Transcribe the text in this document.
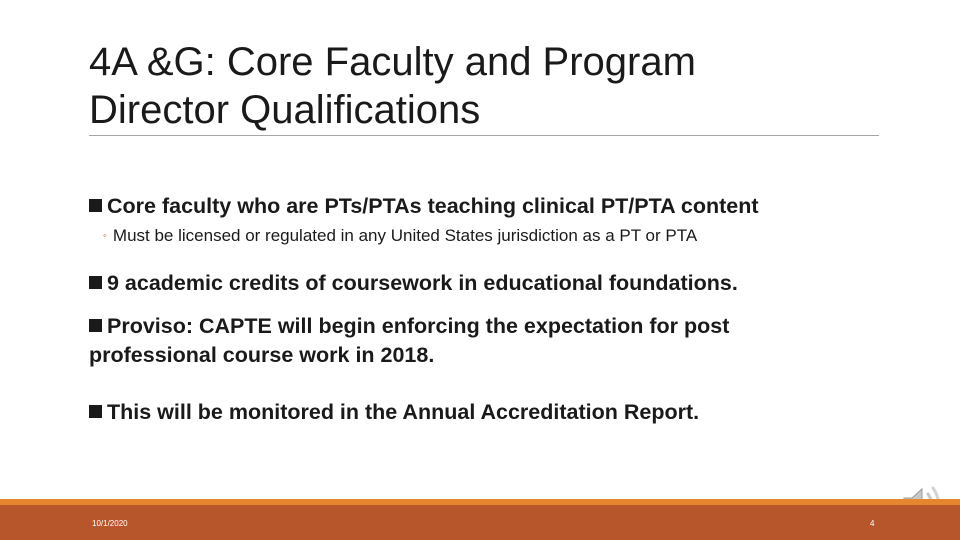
4A &G: Core Faculty and Program
Director Qualifications

Core faculty who are PTs/PTAs teaching clinical PT/PTA content

◦ Must be licensed or regulated in any United States jurisdiction as a PT or PTA

9 academic credits of coursework in educational foundations.

Proviso: CAPTE will begin enforcing the expectation for post
professional course work in 2018.

This will be monitored in the Annual Accreditation Report.

10/1/2020	4
